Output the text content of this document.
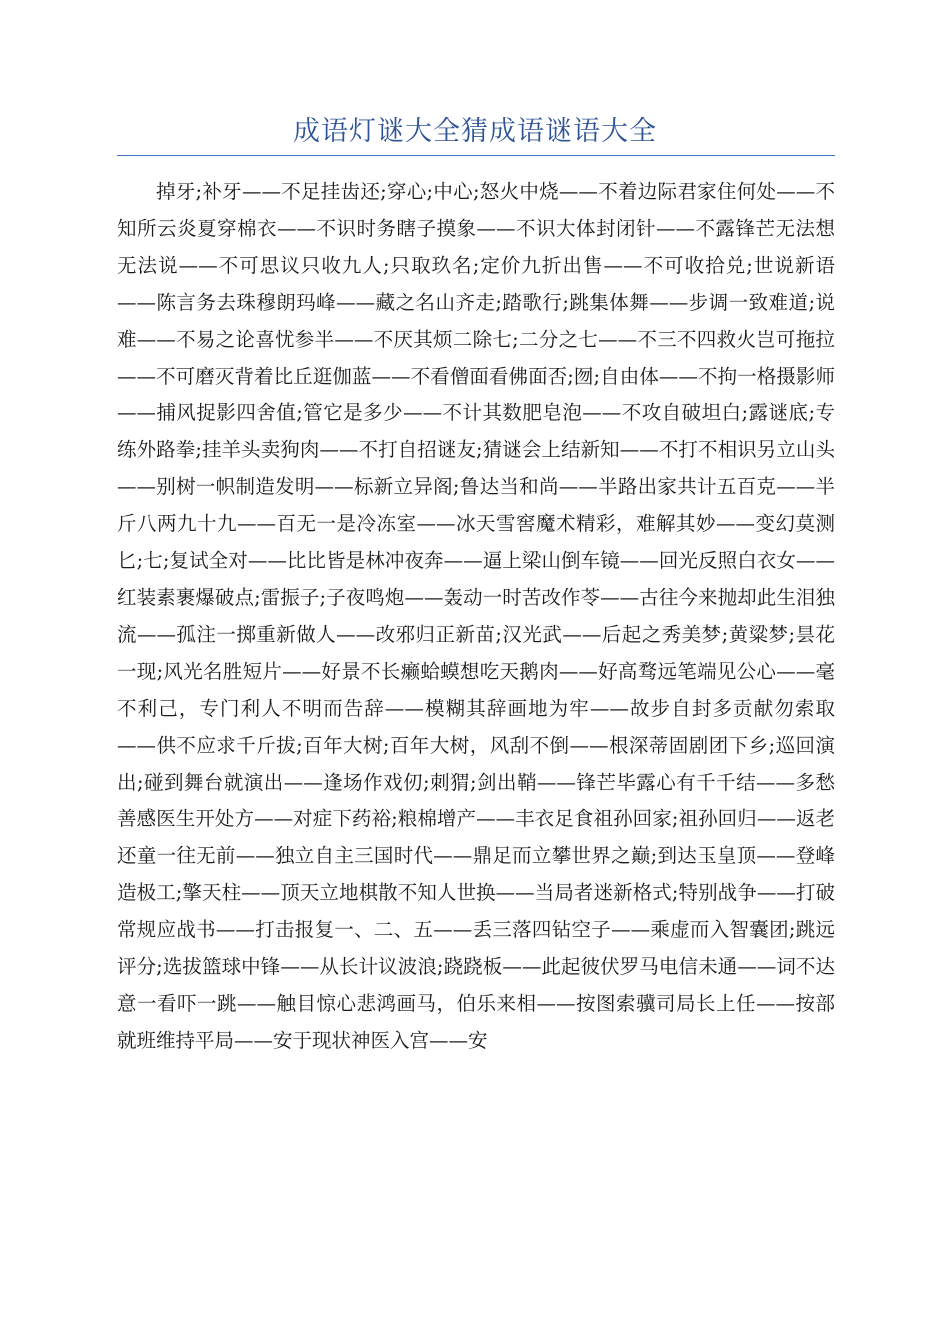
成语灯谜大全猜成语谜语大全

掉牙;补牙——不足挂齿还;穿心;中心;怒火中烧——不着边际君家住何处——不知所云炎夏穿棉衣——不识时务瞎子摸象——不识大体封闭针——不露锋芒无法想无法说——不可思议只收九人;只取玖名;定价九折出售——不可收拾兑;世说新语——陈言务去珠穆朗玛峰——藏之名山齐走;踏歌行;跳集体舞——步调一致难道;说难——不易之论喜忧参半——不厌其烦二除七;二分之七——不三不四救火岂可拖拉——不可磨灭背着比丘逛伽蓝——不看僧面看佛面否;囫;自由体——不拘一格摄影师——捕风捉影四舍值;管它是多少——不计其数肥皂泡——不攻自破坦白;露谜底;专练外路拳;挂羊头卖狗肉——不打自招谜友;猜谜会上结新知——不打不相识另立山头——别树一帜制造发明——标新立异阁;鲁达当和尚——半路出家共计五百克——半斤八两九十九——百无一是冷冻室——冰天雪窖魔术精彩，难解其妙——变幻莫测匕;七;复试全对——比比皆是林冲夜奔——逼上梁山倒车镜——回光反照白衣女——红装素裹爆破点;雷振子;子夜鸣炮——轰动一时苦改作苓——古往今来抛却此生泪独流——孤注一掷重新做人——改邪归正新苗;汉光武——后起之秀美梦;黄粱梦;昙花一现;风光名胜短片——好景不长癞蛤蟆想吃天鹅肉——好高骛远笔端见公心——毫不利己，专门利人不明而告辞——模糊其辞画地为牢——故步自封多贡献勿索取——供不应求千斤拔;百年大树;百年大树，风刮不倒——根深蒂固剧团下乡;巡回演出;碰到舞台就演出——逢场作戏仞;刺猬;剑出鞘——锋芒毕露心有千千结——多愁善感医生开处方——对症下药裕;粮棉增产——丰衣足食祖孙回家;祖孙回归——返老还童一往无前——独立自主三国时代——鼎足而立攀世界之巅;到达玉皇顶——登峰造极工;擎天柱——顶天立地棋散不知人世换——当局者迷新格式;特别战争——打破常规应战书——打击报复一、二、五——丢三落四钻空子——乘虚而入智囊团;跳远评分;选拔篮球中锋——从长计议波浪;跷跷板——此起彼伏罗马电信未通——词不达意一看吓一跳——触目惊心悲鸿画马，伯乐来相——按图索骥司局长上任——按部就班维持平局——安于现状神医入宫——安
